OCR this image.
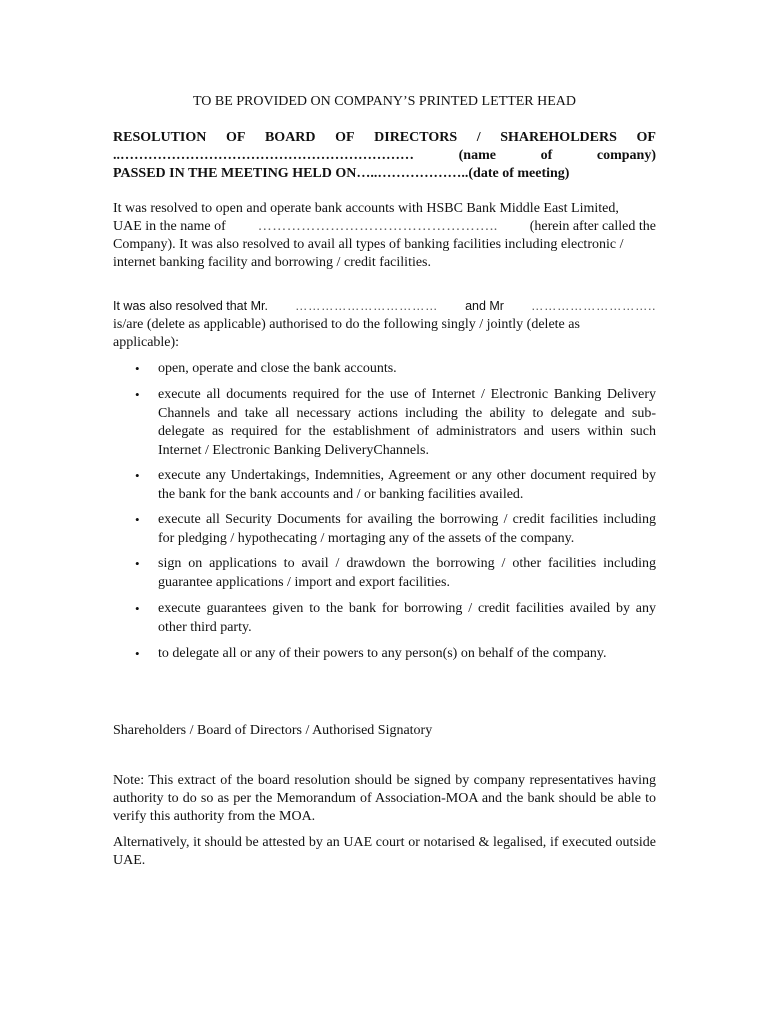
TO BE PROVIDED ON COMPANY’S PRINTED LETTER HEAD
RESOLUTION OF BOARD OF DIRECTORS / SHAREHOLDERS OF
..………………………………………………………	(name	of	company)
PASSED IN THE MEETING HELD ON…..………………..(date of meeting)
It was resolved to open and operate bank accounts with HSBC Bank Middle East Limited,
UAE in the name of ………………………………………….. (herein after called the
Company). It was also resolved to avail all types of banking facilities including electronic /
internet banking facility and borrowing / credit facilities.
It was also resolved that Mr. …………………………… and Mr ………………………..
is/are (delete as applicable) authorised to do the following singly / jointly (delete as
applicable):
• open, operate and close the bank accounts.
• execute all documents required for the use of Internet / Electronic Banking Delivery Channels and take all necessary actions including the ability to delegate and sub-delegate as required for the establishment of administrators and users within such Internet / Electronic Banking DeliveryChannels.
• execute any Undertakings, Indemnities, Agreement or any other document required by the bank for the bank accounts and / or banking facilities availed.
• execute all Security Documents for availing the borrowing / credit facilities including for pledging / hypothecating / mortaging any of the assets of the company.
• sign on applications to avail / drawdown the borrowing / other facilities including guarantee applications / import and export facilities.
• execute guarantees given to the bank for borrowing / credit facilities availed by any other third party.
• to delegate all or any of their powers to any person(s) on behalf of the company.
Shareholders / Board of Directors / Authorised Signatory
Note: This extract of the board resolution should be signed by company representatives having authority to do so as per the Memorandum of Association-MOA and the bank should be able to verify this authority from the MOA.
Alternatively, it should be attested by an UAE court or notarised & legalised, if executed outside UAE.
